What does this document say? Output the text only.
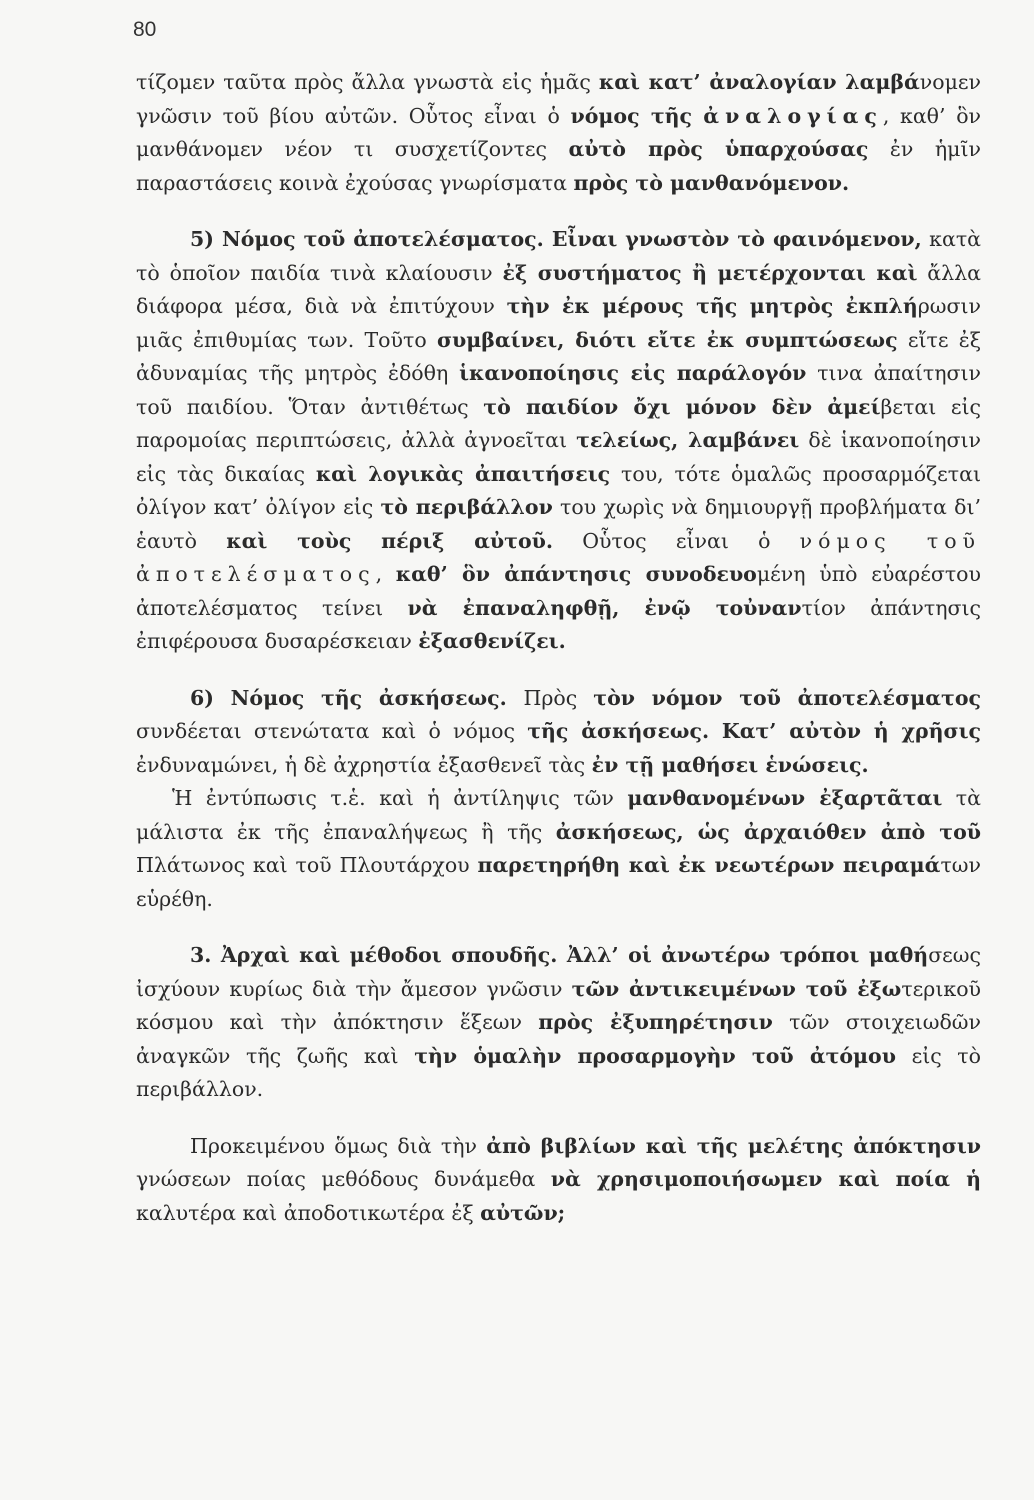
80

τίζομεν ταῦτα πρὸς ἄλλα γνωστὰ εἰς ἡμᾶς καὶ κατ’ ἀναλογίαν λαμβάνομεν γνῶσιν τοῦ βίου αὐτῶν. Οὗτος εἶναι ὁ νόμος τῆς ἀναλογίας, καθ’ ὃν μανθάνομεν νέον τι συσχετίζοντες αὐτὸ πρὸς ὑπαρχούσας ἐν ἡμῖν παραστάσεις κοινὰ ἐχούσας γνωρίσματα πρὸς τὸ μανθανόμενον.

5) Νόμος τοῦ ἀποτελέσματος. Εἶναι γνωστὸν τὸ φαινόμενον, κατὰ τὸ ὁποῖον παιδία τινὰ κλαίουσιν ἐξ συστήματος ἢ μετέρχονται καὶ ἄλλα διάφορα μέσα, διὰ νὰ ἐπιτύχουν τὴν ἐκ μέρους τῆς μητρὸς ἐκπλήρωσιν μιᾶς ἐπιθυμίας των. Τοῦτο συμβαίνει, διότι εἴτε ἐκ συμπτώσεως εἴτε ἐξ ἀδυναμίας τῆς μητρὸς ἐδόθη ἱκανοποίησις εἰς παράλογόν τινα ἀπαίτησιν τοῦ παιδίου. Ὅταν ἀντιθέτως τὸ παιδίον ὄχι μόνον δὲν ἀμείβεται εἰς παρομοίας περιπτώσεις, ἀλλὰ ἀγνοεῖται τελείως, λαμβάνει δὲ ἱκανοποίησιν εἰς τὰς δικαίας καὶ λογικὰς ἀπαιτήσεις του, τότε ὁμαλῶς προσαρμόζεται ὀλίγον κατ’ ὀλίγον εἰς τὸ περιβάλλον του χωρὶς νὰ δημιουργῇ προβλήματα δι’ ἑαυτὸ καὶ τοὺς πέριξ αὐτοῦ. Οὗτος εἶναι ὁ νόμος τοῦ ἀποτελέσματος, καθ’ ὃν ἀπάντησις συνοδευομένη ὑπὸ εὐαρέστου ἀποτελέσματος τείνει νὰ ἐπαναληφθῇ, ἐνῷ τοὐναντίον ἀπάντησις ἐπιφέρουσα δυσαρέσκειαν ἐξασθενίζει.

6) Νόμος τῆς ἀσκήσεως. Πρὸς τὸν νόμον τοῦ ἀποτελέσματος συνδέεται στενώτατα καὶ ὁ νόμος τῆς ἀσκήσεως. Κατ’ αὐτὸν ἡ χρῆσις ἐνδυναμώνει, ἡ δὲ ἀχρηστία ἐξασθενεῖ τὰς ἐν τῇ μαθήσει ἑνώσεις.

Ἡ ἐντύπωσις τ.ἑ. καὶ ἡ ἀντίληψις τῶν μανθανομένων ἐξαρτᾶται τὰ μάλιστα ἐκ τῆς ἐπαναλήψεως ἢ τῆς ἀσκήσεως, ὡς ἀρχαιόθεν ἀπὸ τοῦ Πλάτωνος καὶ τοῦ Πλουτάρχου παρετηρήθη καὶ ἐκ νεωτέρων πειραμάτων εὑρέθη.

3. Ἀρχαὶ καὶ μέθοδοι σπουδῆς. Ἀλλ’ οἱ ἀνωτέρω τρόποι μαθήσεως ἰσχύουν κυρίως διὰ τὴν ἄμεσον γνῶσιν τῶν ἀντικειμένων τοῦ ἐξωτερικοῦ κόσμου καὶ τὴν ἀπόκτησιν ἕξεων πρὸς ἐξυπηρέτησιν τῶν στοιχειωδῶν ἀναγκῶν τῆς ζωῆς καὶ τὴν ὁμαλὴν προσαρμογὴν τοῦ ἀτόμου εἰς τὸ περιβάλλον.

Προκειμένου ὅμως διὰ τὴν ἀπὸ βιβλίων καὶ τῆς μελέτης ἀπόκτησιν γνώσεων ποίας μεθόδους δυνάμεθα νὰ χρησιμοποιήσωμεν καὶ ποία ἡ καλυτέρα καὶ ἀποδοτικωτέρα ἐξ αὐτῶν;
